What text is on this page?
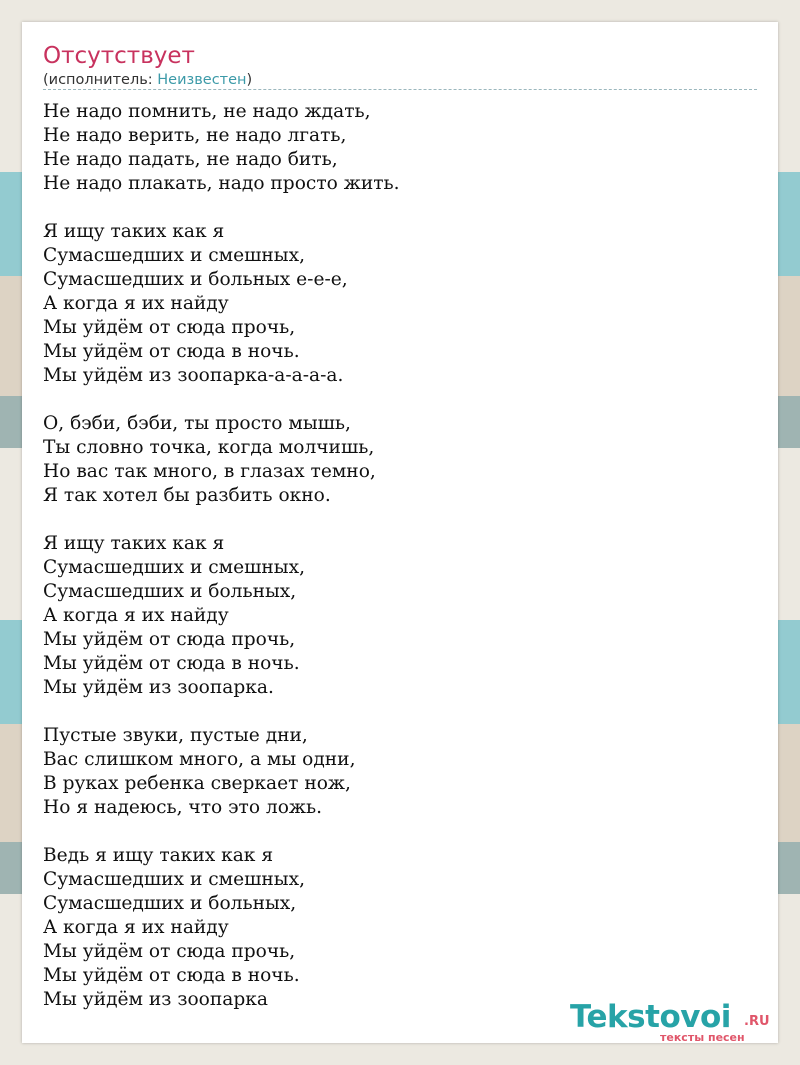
Отсутствует
(исполнитель: Неизвестен)
Не надо помнить, не надо ждать,
Не надо верить, не надо лгать,
Не надо падать, не надо бить,
Не надо плакать, надо просто жить.
Я ищу таких как я
Сумасшедших и смешных,
Сумасшедших и больных е-е-е,
А когда я их найду
Мы уйдём от сюда прочь,
Мы уйдём от сюда в ночь.
Мы уйдём из зоопарка-а-а-а-а.
О, бэби, бэби, ты просто мышь,
Ты словно точка, когда молчишь,
Но вас так много, в глазах темно,
Я так хотел бы разбить окно.
Я ищу таких как я
Сумасшедших и смешных,
Сумасшедших и больных,
А когда я их найду
Мы уйдём от сюда прочь,
Мы уйдём от сюда в ночь.
Мы уйдём из зоопарка.
Пустые звуки, пустые дни,
Вас слишком много, а мы одни,
В руках ребенка сверкает нож,
Но я надеюсь, что это ложь.
Ведь я ищу таких как я
Сумасшедших и смешных,
Сумасшедших и больных,
А когда я их найду
Мы уйдём от сюда прочь,
Мы уйдём от сюда в ночь.
Мы уйдём из зоопарка	Tekstovoi .RU
тексты песен
